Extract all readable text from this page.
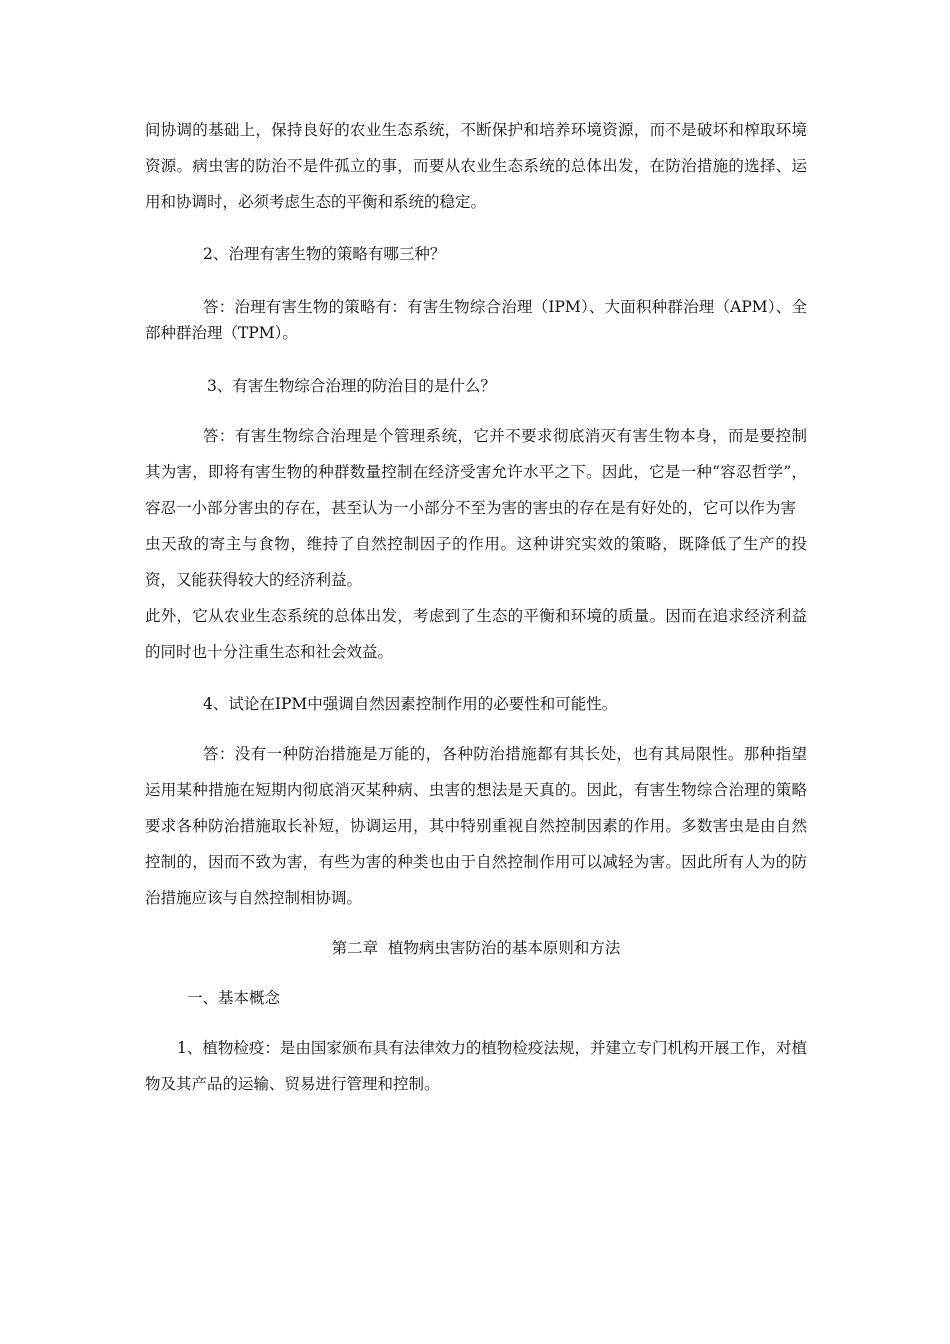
间协调的基础上，保持良好的农业生态系统，不断保护和培养环境资源，而不是破坏和榨取环境资源。病虫害的防治不是件孤立的事，而要从农业生态系统的总体出发，在防治措施的选择、运用和协调时，必须考虑生态的平衡和系统的稳定。

2、治理有害生物的策略有哪三种？

答：治理有害生物的策略有：有害生物综合治理（IPM）、大面积种群治理（APM）、全部种群治理（TPM）。

3、有害生物综合治理的防治目的是什么？

答：有害生物综合治理是个管理系统，它并不要求彻底消灭有害生物本身，而是要控制其为害，即将有害生物的种群数量控制在经济受害允许水平之下。因此，它是一种“容忍哲学”，容忍一小部分害虫的存在，甚至认为一小部分不至为害的害虫的存在是有好处的，它可以作为害

虫天敌的寄主与食物，维持了自然控制因子的作用。这种讲究实效的策略，既降低了生产的投资，又能获得较大的经济利益。

此外，它从农业生态系统的总体出发，考虑到了生态的平衡和环境的质量。因而在追求经济利益的同时也十分注重生态和社会效益。

4、试论在IPM中强调自然因素控制作用的必要性和可能性。

答：没有一种防治措施是万能的，各种防治措施都有其长处，也有其局限性。那种指望运用某种措施在短期内彻底消灭某种病、虫害的想法是天真的。因此，有害生物综合治理的策略要求各种防治措施取长补短，协调运用，其中特别重视自然控制因素的作用。多数害虫是由自然控制的，因而不致为害，有些为害的种类也由于自然控制作用可以减轻为害。因此所有人为的防治措施应该与自然控制相协调。

第二章  植物病虫害防治的基本原则和方法

一、基本概念

1、植物检疫：是由国家颁布具有法律效力的植物检疫法规，并建立专门机构开展工作，对植物及其产品的运输、贸易进行管理和控制。
